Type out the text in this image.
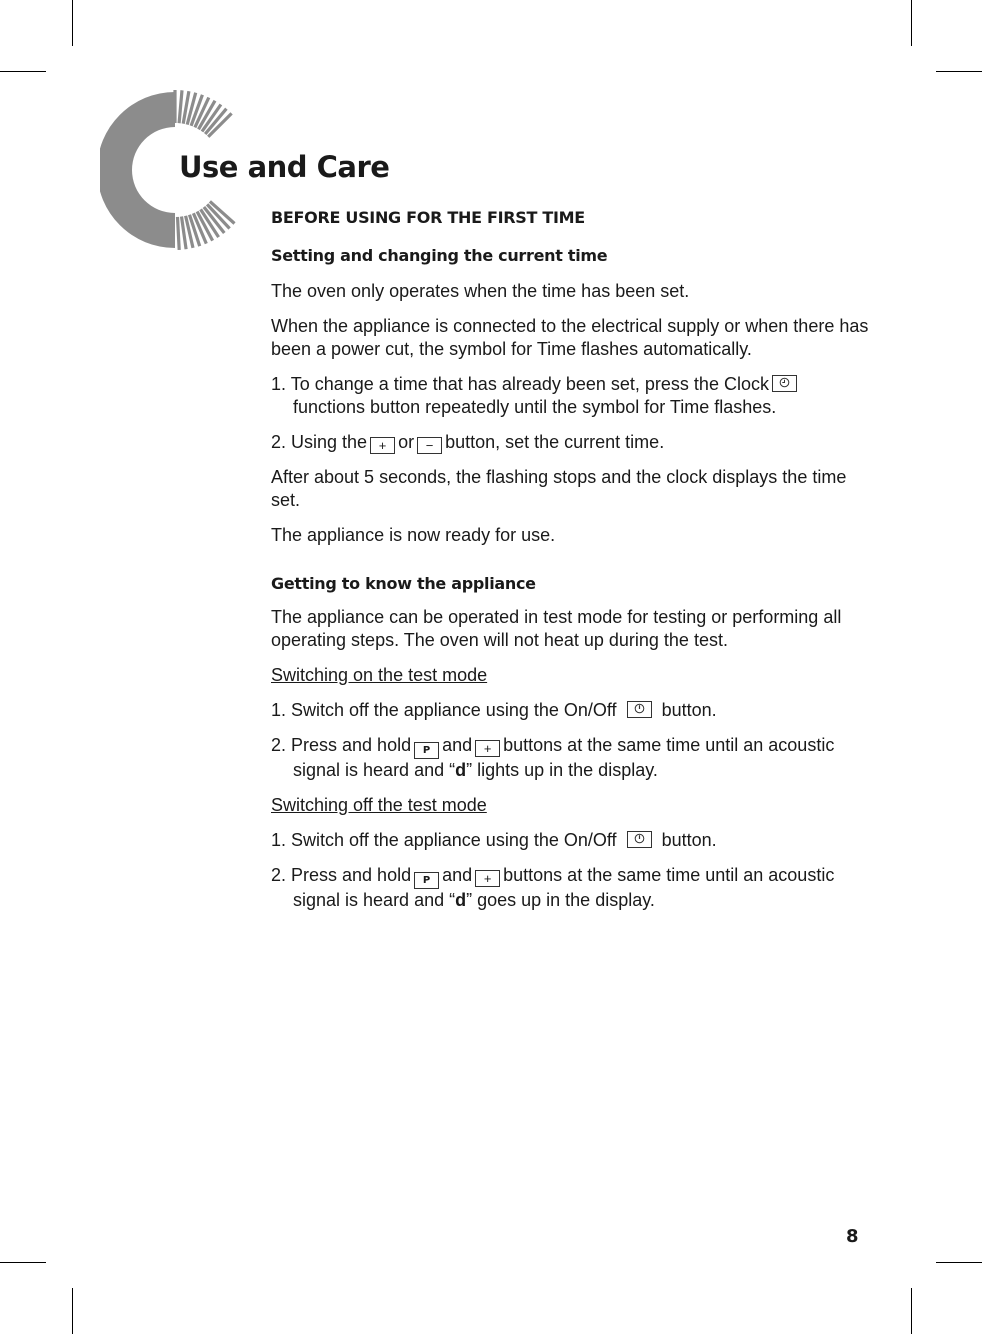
Use and Care
BEFORE USING FOR THE FIRST TIME
Setting and changing the current time

The oven only operates when the time has been set.

When the appliance is connected to the electrical supply or when there has been a power cut, the symbol for Time flashes automatically.

1. To change a time that has already been set, press the Clock

functions button repeatedly until the symbol for Time flashes.

2. Using the + or − button, set the current time.

After about 5 seconds, the flashing stops and the clock displays the time set.

The appliance is now ready for use.

Getting to know the appliance

The appliance can be operated in test mode for testing or performing all operating steps. The oven will not heat up during the test.

Switching on the test mode

1. Switch off the appliance using the On/Off	button.

2. Press and hold P and + buttons at the same time until an acoustic signal is heard and “d” lights up in the display.

Switching off the test mode

1. Switch off the appliance using the On/Off	button.

2. Press and hold P and + buttons at the same time until an acoustic signal is heard and “d” goes up in the display.

8
